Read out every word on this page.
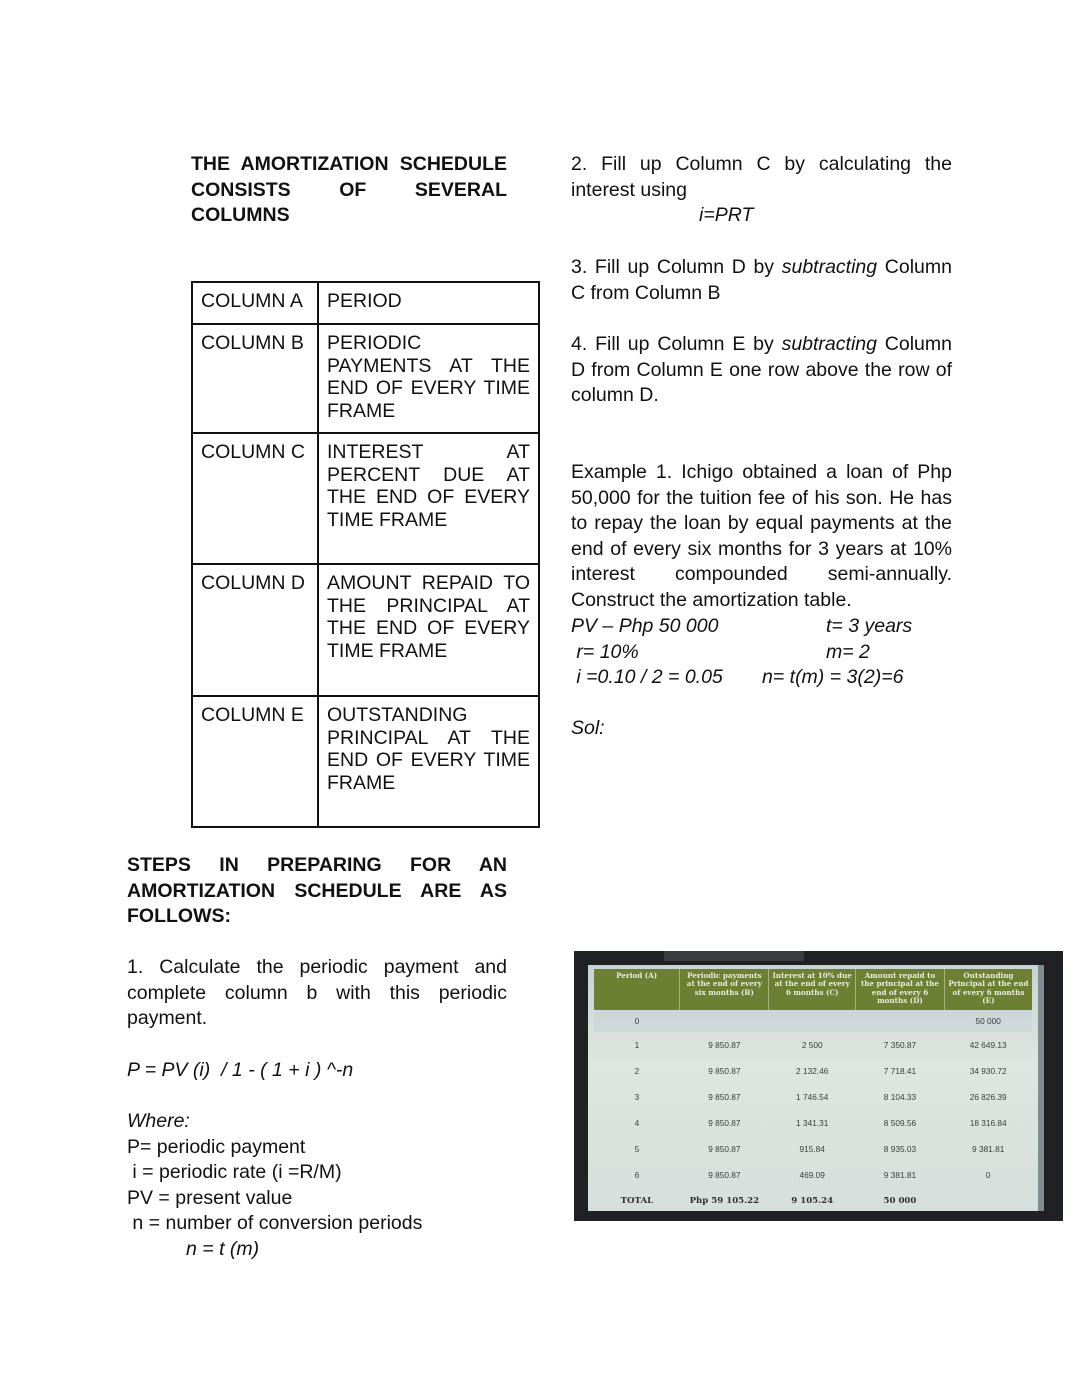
THE AMORTIZATION SCHEDULE CONSISTS OF SEVERAL COLUMNS
COLUMN A	PERIOD
COLUMN B	PERIODIC PAYMENTS AT THE END OF EVERY TIME FRAME
COLUMN C	INTEREST AT PERCENT DUE AT THE END OF EVERY TIME FRAME
COLUMN D	AMOUNT REPAID TO THE PRINCIPAL AT THE END OF EVERY TIME FRAME
COLUMN E	OUTSTANDING PRINCIPAL AT THE END OF EVERY TIME FRAME
STEPS IN PREPARING FOR AN AMORTIZATION SCHEDULE ARE AS FOLLOWS:
1. Calculate the periodic payment and complete column b with this periodic payment.
P = PV (i)  / 1 - ( 1 + i ) ^-n
Where:
P= periodic payment
i = periodic rate (i =R/M)
PV = present value
n = number of conversion periods
n = t (m)
2. Fill up Column C by calculating the interest using
i=PRT
3. Fill up Column D by subtracting Column C from Column B
4. Fill up Column E by subtracting Column D from Column E one row above the row of column D.
Example 1. Ichigo obtained a loan of Php 50,000 for the tuition fee of his son. He has to repay the loan by equal payments at the end of every six months for 3 years at 10% interest compounded semi-annually. Construct the amortization table.
PV – Php 50 000	t= 3 years
r= 10%	m= 2
i =0.10 / 2 = 0.05 n= t(m) = 3(2)=6
Sol:
Period (A)	Periodic payments at the end of every six months (B)	Interest at 10% due at the end of every 6 months (C)	Amount repaid to the principal at the end of every 6 months (D)	Outstanding Principal at the end of every 6 months (E)
0				50 000
1	9 850.87	2 500	7 350.87	42 649.13
2	9 850.87	2 132.46	7 718.41	34 930.72
3	9 850.87	1 746.54	8 104.33	26 826.39
4	9 850.87	1 341.31	8 509.56	18 316.84
5	9 850.87	915.84	8 935.03	9 381.81
6	9 850.87	469.09	9 381.81	0
TOTAL	Php 59 105.22	9 105.24	50 000	
